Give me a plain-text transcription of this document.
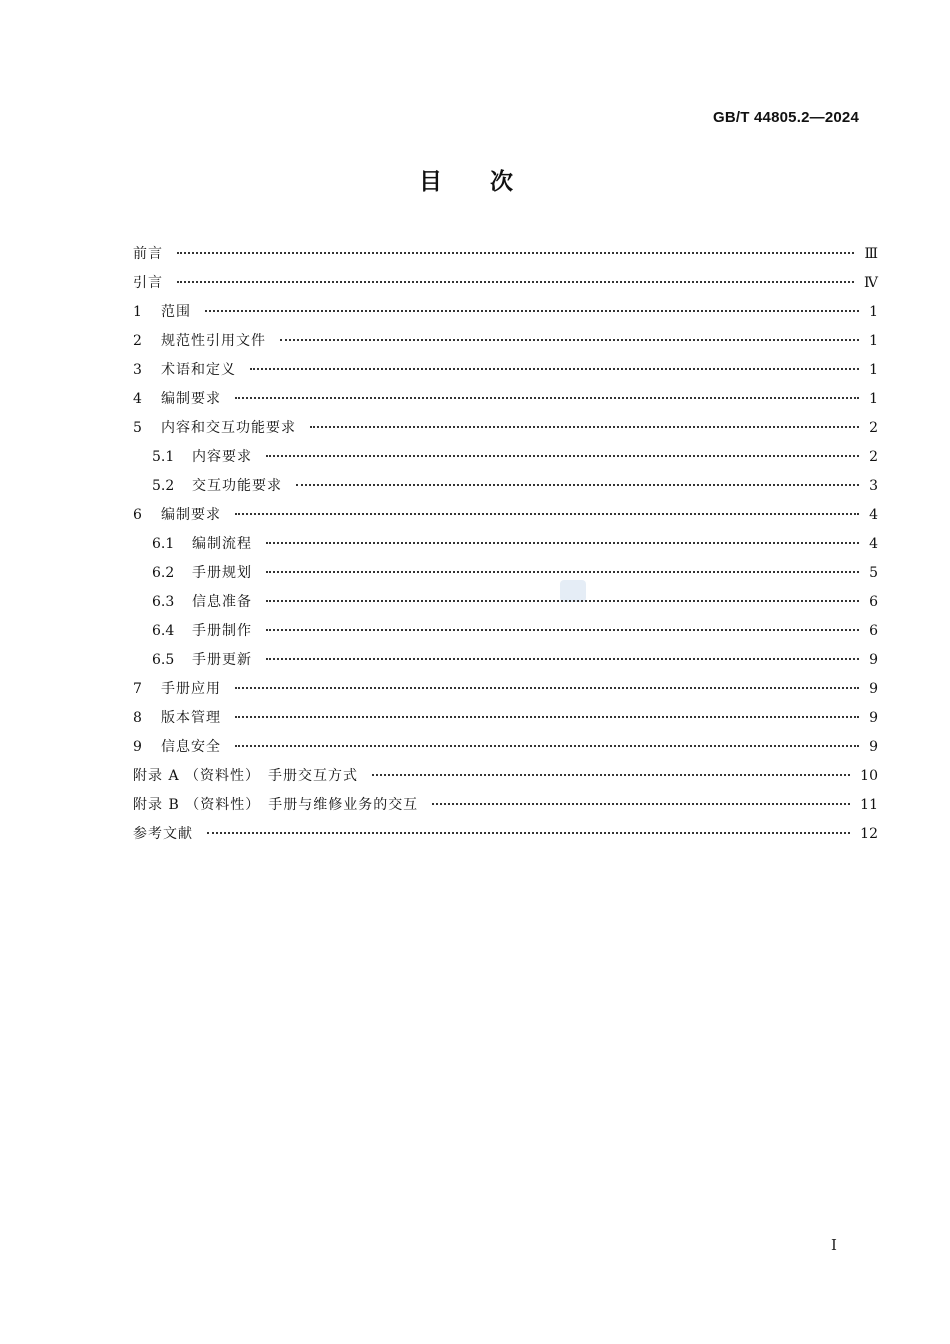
GB/T 44805.2—2024
目次
前言	Ⅲ
引言	Ⅳ
1	范围	1
2	规范性引用文件	1
3	术语和定义	1
4	编制要求	1
5	内容和交互功能要求	2
5.1	内容要求	2
5.2	交互功能要求	3
6	编制要求	4
6.1	编制流程	4
6.2	手册规划	5
6.3	信息准备	6
6.4	手册制作	6
6.5	手册更新	9
7	手册应用	9
8	版本管理	9
9	信息安全	9
附录 A （资料性）　手册交互方式	10
附录 B （资料性）　手册与维修业务的交互	11
参考文献	12
I
